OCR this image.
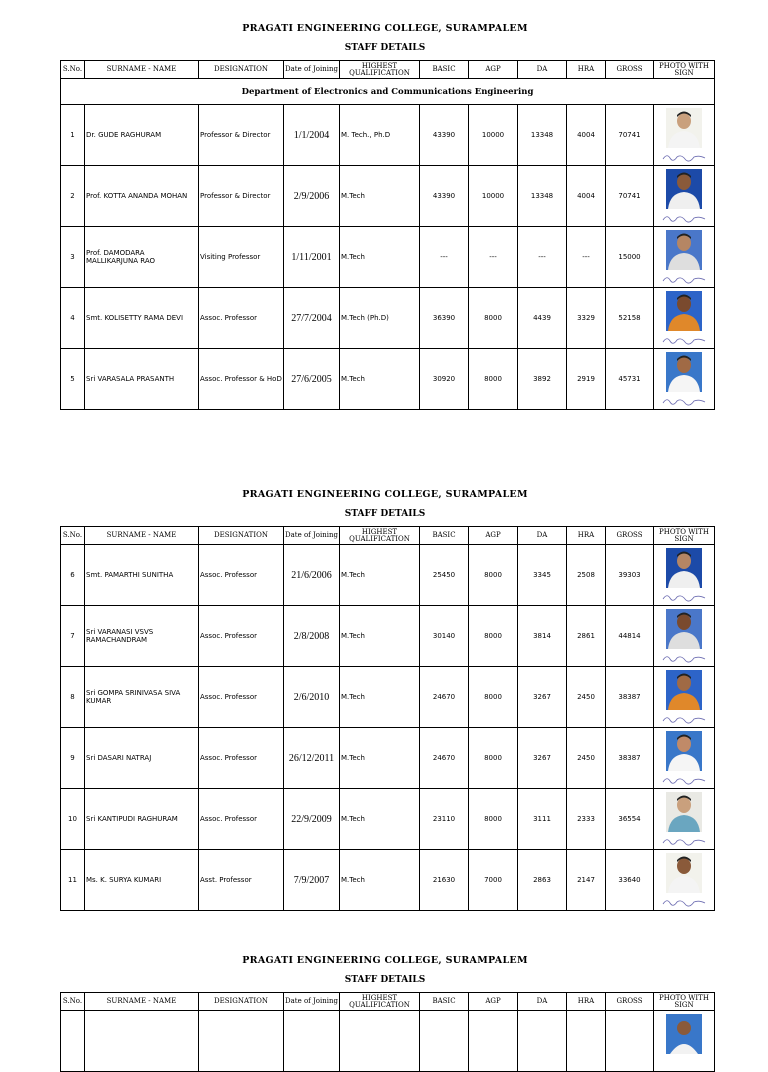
PRAGATI ENGINEERING COLLEGE, SURAMPALEM
STAFF DETAILS
S.No.	SURNAME - NAME	DESIGNATION	Date of Joining	HIGHEST QUALIFICATION	BASIC	AGP	DA	HRA	GROSS	PHOTO WITH SIGN
Department of Electronics and Communications Engineering										
1	Dr. GUDE RAGHURAM	Professor & Director	1/1/2004	M. Tech., Ph.D	43390	10000	13348	4004	70741	

2	Prof. KOTTA ANANDA MOHAN	Professor & Director	2/9/2006	M.Tech	43390	10000	13348	4004	70741	

3	Prof. DAMODARA MALLIKARJUNA RAO	Visiting Professor	1/11/2001	M.Tech	---	---	---	---	15000	

4	Smt. KOLISETTY RAMA DEVI	Assoc. Professor	27/7/2004	M.Tech (Ph.D)	36390	8000	4439	3329	52158	

5	Sri VARASALA PRASANTH	Assoc. Professor & HoD	27/6/2005	M.Tech	30920	8000	3892	2919	45731	
PRAGATI ENGINEERING COLLEGE, SURAMPALEM
STAFF DETAILS
S.No.	SURNAME - NAME	DESIGNATION	Date of Joining	HIGHEST QUALIFICATION	BASIC	AGP	DA	HRA	GROSS	PHOTO WITH SIGN
6	Smt. PAMARTHI SUNITHA	Assoc. Professor	21/6/2006	M.Tech	25450	8000	3345	2508	39303	

7	Sri VARANASI VSVS RAMACHANDRAM	Assoc. Professor	2/8/2008	M.Tech	30140	8000	3814	2861	44814	

8	Sri GOMPA SRINIVASA SIVA KUMAR	Assoc. Professor	2/6/2010	M.Tech	24670	8000	3267	2450	38387	

9	Sri DASARI NATRAJ	Assoc. Professor	26/12/2011	M.Tech	24670	8000	3267	2450	38387	

10	Sri KANTIPUDI RAGHURAM	Assoc. Professor	22/9/2009	M.Tech	23110	8000	3111	2333	36554	

11	Ms. K. SURYA KUMARI	Asst. Professor	7/9/2007	M.Tech	21630	7000	2863	2147	33640	
PRAGATI ENGINEERING COLLEGE, SURAMPALEM
STAFF DETAILS
S.No.	SURNAME - NAME	DESIGNATION	Date of Joining	HIGHEST QUALIFICATION	BASIC	AGP	DA	HRA	GROSS	PHOTO WITH SIGN
